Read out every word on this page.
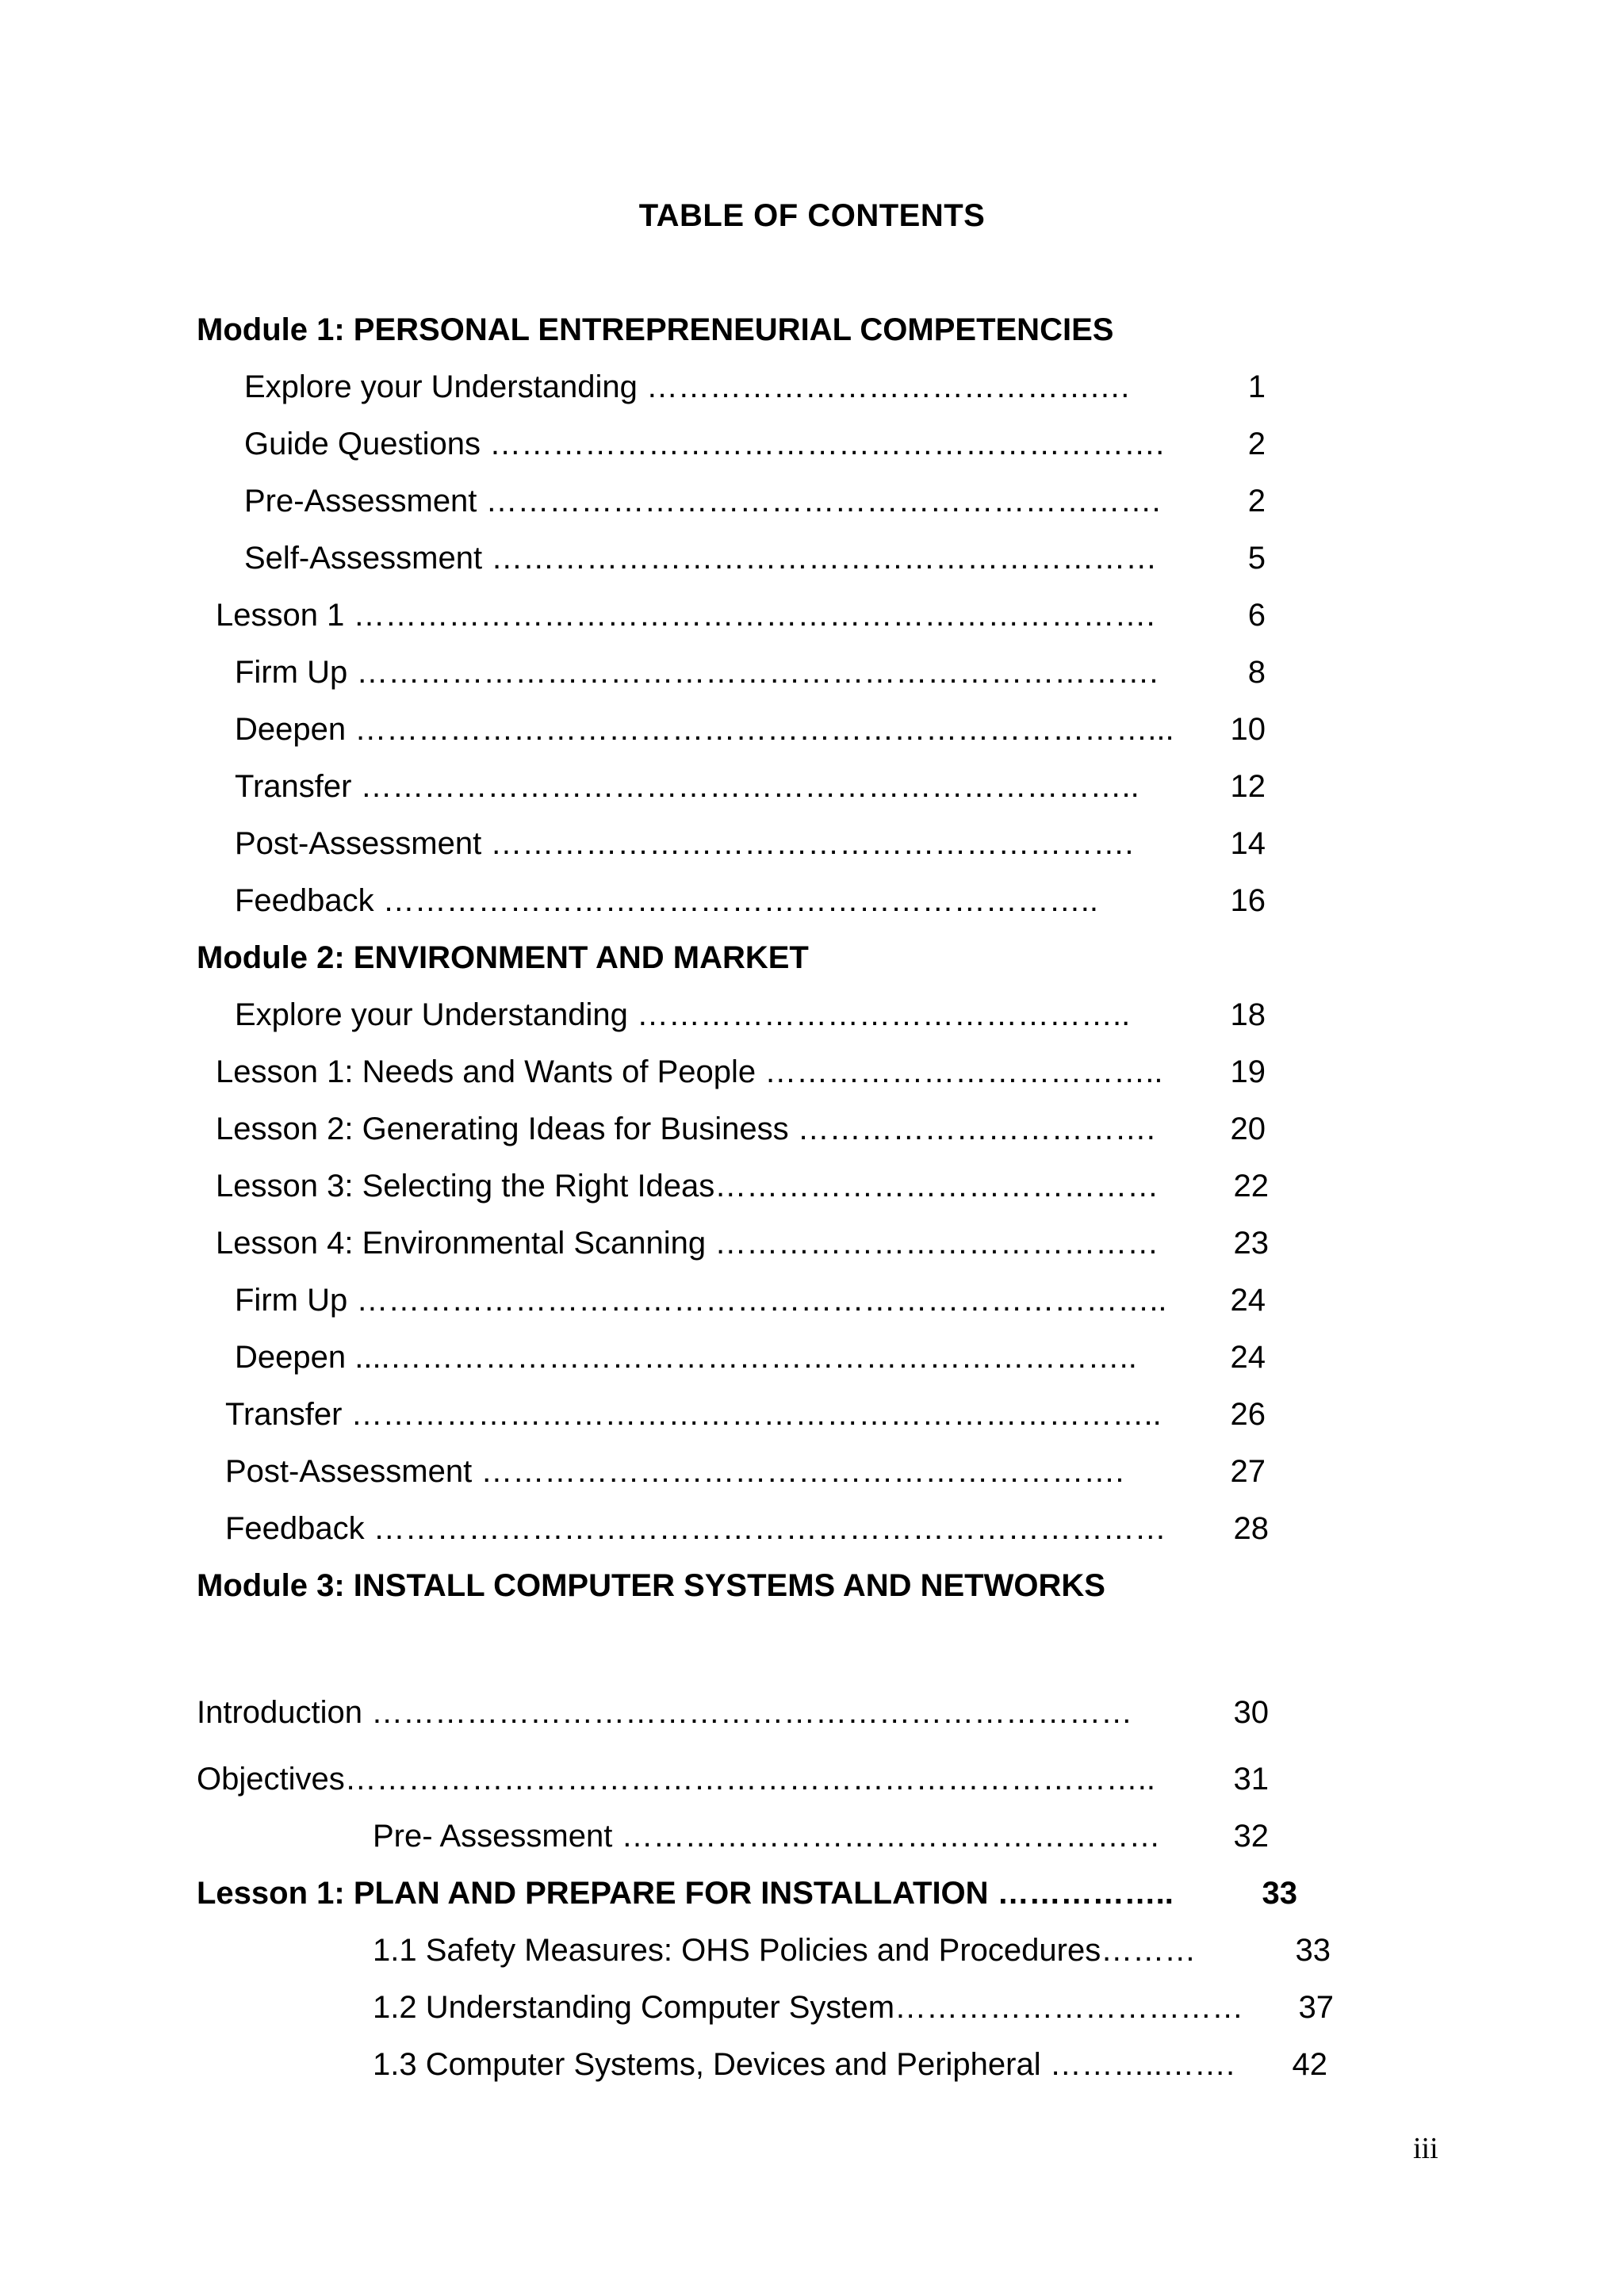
TABLE OF CONTENTS
Module 1: PERSONAL ENTREPRENEURIAL COMPETENCIES
Explore your Understanding …………………………………….…	1
Guide Questions ……………………………………………………….	2
Pre-Assessment ……………………………………………………….	2
Self-Assessment ………………………………………………………	5
Lesson 1 ………………………………………………………………….	6
Firm Up ………………………………………………………………….	8
Deepen …………………………………………………………………...	10
Transfer ………………………………………………………………..	12
Post-Assessment …………………………………………………….	14
Feedback …………………………………………………………..	16
Module 2: ENVIRONMENT AND MARKET
Explore your Understanding ………………………………………..	18
Lesson 1: Needs and Wants of People ………………………………..	19
Lesson 2: Generating Ideas for Business …………………………….	20
Lesson 3: Selecting the Right Ideas……………………………………	22
Lesson 4: Environmental Scanning ……………………………………	23
Firm Up …………………………………………………………………..	24
Deepen ....……………………………………………………………..	24
Transfer …………………………………………………………………..	26
Post-Assessment …………………………………………………….	27
Feedback …………………………………………………………………	28
Module 3: INSTALL COMPUTER SYSTEMS AND NETWORKS
Introduction ………………………………………………………………	30
Objectives…………………………………………………………………..	31
Pre- Assessment ……………………………………………	32
Lesson 1: PLAN AND PREPARE FOR INSTALLATION ……………..	33
1.1 Safety Measures: OHS Policies and Procedures………	33
1.2 Understanding Computer System……………………………	37
1.3 Computer Systems, Devices and Peripheral ………..…….	42
iii
